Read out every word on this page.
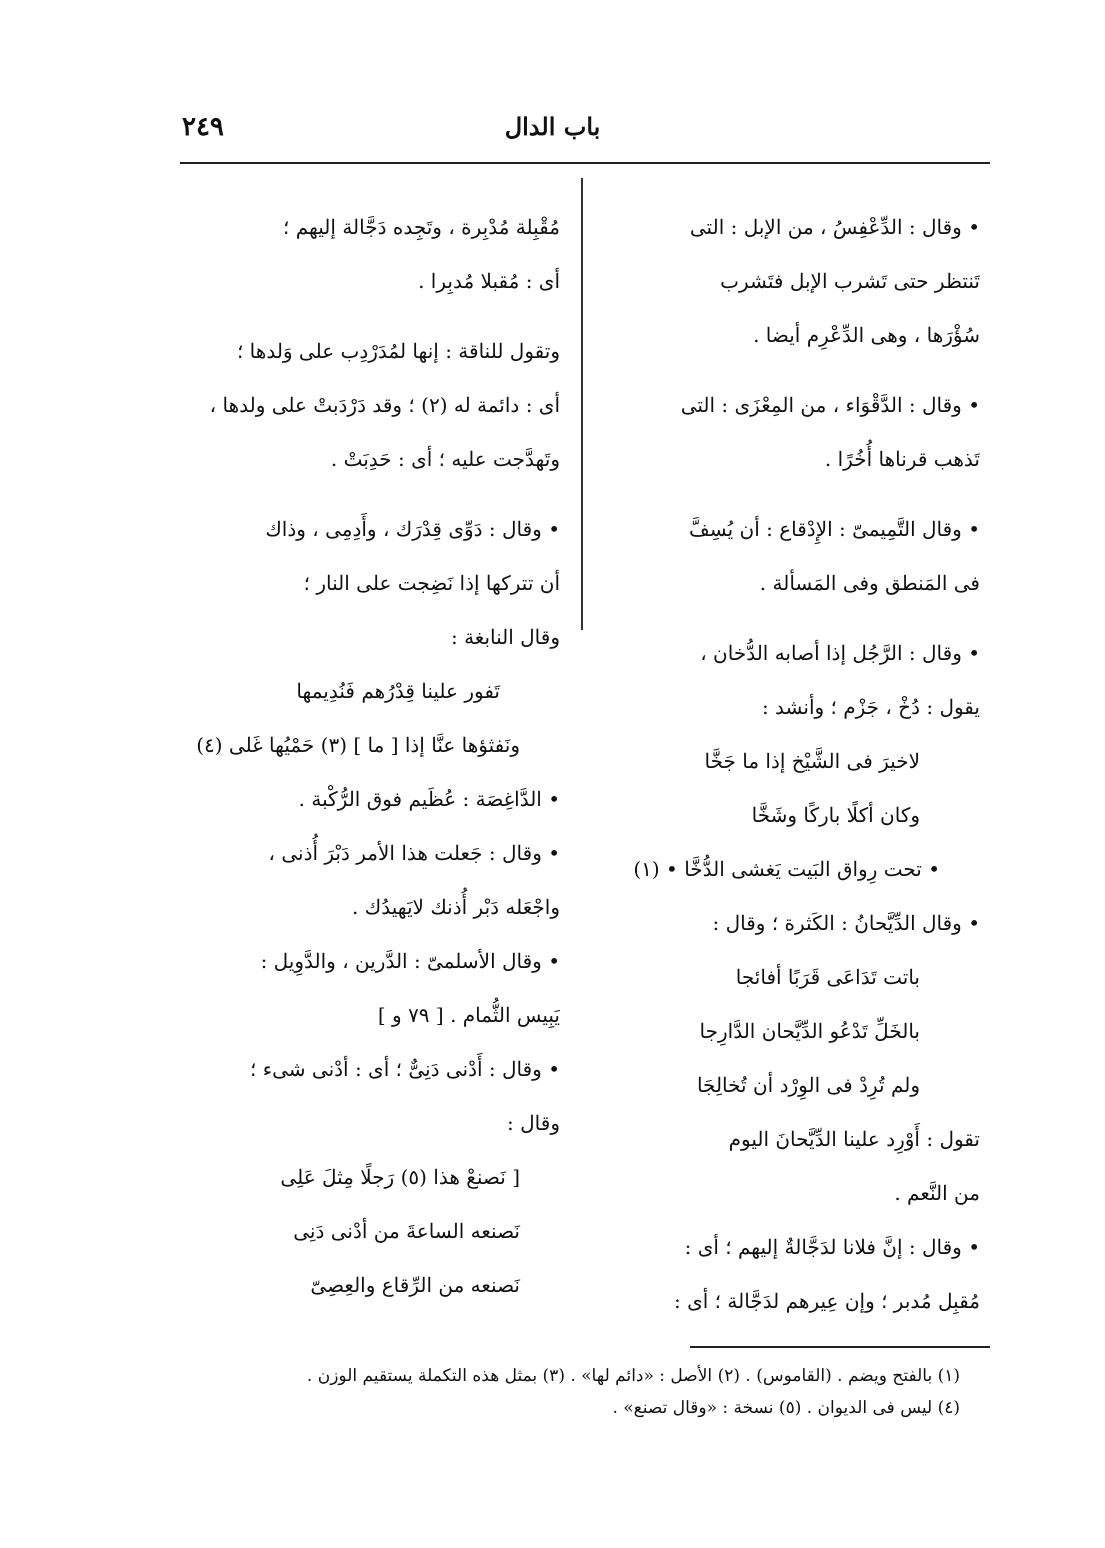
باب الدال
٢٤٩
• وقال : الدِّعْفِسُ ، من الإبل : التى
تَنتظر حتى تَشرب الإبل فتَشرب
سُؤْرَها ، وهى الدِّعْرِم أيضا .
• وقال : الدَّقْوَاء ، من المِعْزَى : التى
تَذهب قرناها أُخُرًا .
• وقال التَّمِيمىّ : الإِدْقاع : أن يُسِفَّ
فى المَنطق وفى المَسألة .
• وقال : الرَّجُل إذا أصابه الدُّخان ،
يقول : دُخْ ، جَزْم ؛ وأنشد :
لاخيرَ فى الشَّيْخ إذا ما جَخَّا
وكان أكلًا باركًا وشَخَّا
• تحت رِواق البَيت يَغشى الدُّخَّا • (١)
• وقال الدِّيَّحانُ : الكَثرة ؛ وقال :
باتت تَدَاعَى قَرَبًا أفائجا
بالخَلِّ تَدْعُو الدِّيَّحان الدَّارِجا
ولم تُرِدْ فى الوِرْد أن تُخالِجَا
تقول : أَوْرِد علينا الدِّيَّحانَ اليوم
من النَّعم .
• وقال : إنَّ فلانا لدَجَّالةٌ إليهم ؛ أى :
مُقبِل مُدبر ؛ وإن عِيرهم لدَجَّالة ؛ أى :
مُقْبِلة مُدْبِرة ، وتَجِده دَجَّالة إليهم ؛
أى : مُقبلا مُدبِرا .
وتقول للناقة : إنها لمُدَرْدِب على وَلدها ؛
أى : دائمة له (٢) ؛ وقد دَرْدَبتْ على ولدها ،
وتَهدَّجت عليه ؛ أى : حَدِبَتْ .
• وقال : دَوِّى قِدْرَك ، وأَدِمِى ، وذاك
أن تتركها إذا نَضِجت على النار ؛
وقال النابغة :
تَفور علينا قِدْرُهم فَنُدِيمها
ونَفثؤها عنَّا إذا [ ما ] (٣) حَمْيُها غَلى (٤)
• الدَّاغِصَة : عُظَيم فوق الرُّكْبة .
• وقال : جَعلت هذا الأمر دَبْرَ أُذنى ،
واجْعَله دَبْر أُذنك لايَهيدُك .
• وقال الأسلمىّ : الدَّرين ، والدَّوِيل :
يَبِيس الثُّمام . [ ٧٩ و ]
• وقال : أَدْنى دَنِىٌّ ؛ أى : أدْنى شىء ؛
وقال :
[ نَصنعْ هذا (٥) رَجلًا مِثلَ عَلِى
نَصنعه الساعةَ من أدْنى دَنِى
نَصنعه من الرِّقاع والعِصِىّ
(١) بالفتح ويضم . (القاموس) . (٢) الأصل : «دائم لها» . (٣) بمثل هذه التكملة يستقيم الوزن .
(٤) ليس فى الديوان . (٥) نسخة : «وقال تصنع» .
